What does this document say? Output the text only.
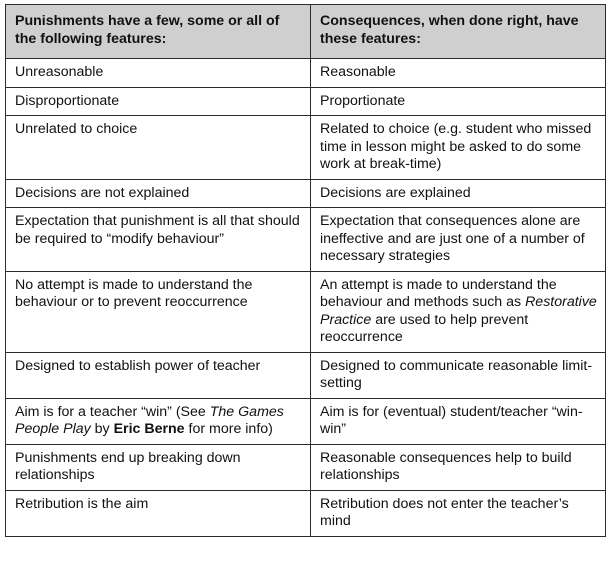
Punishments have a few, some or all of the following features:	Consequences, when done right, have these features:
Unreasonable	Reasonable
Disproportionate	Proportionate
Unrelated to choice	Related to choice (e.g. student who missed time in lesson might be asked to do some work at break-time)
Decisions are not explained	Decisions are explained
Expectation that punishment is all that should be required to “modify behaviour”	Expectation that consequences alone are ineffective and are just one of a number of necessary strategies
No attempt is made to understand the behaviour or to prevent reoccurrence	An attempt is made to understand the behaviour and methods such as Restorative Practice are used to help prevent reoccurrence
Designed to establish power of teacher	Designed to communicate reasonable limit-setting
Aim is for a teacher “win” (See The Games People Play by Eric Berne for more info)	Aim is for (eventual) student/teacher “win-win”
Punishments end up breaking down relationships	Reasonable consequences help to build relationships
Retribution is the aim	Retribution does not enter the teacher’s mind
